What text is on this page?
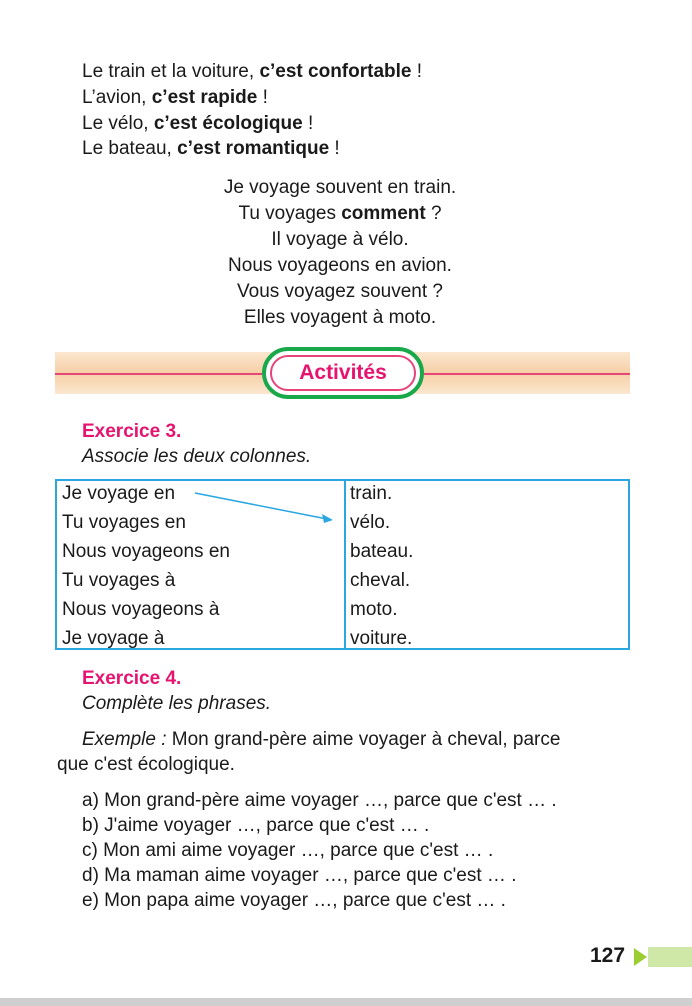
Le train et la voiture, c’est confortable !
L’avion, c’est rapide !
Le vélo, c’est écologique !
Le bateau, c’est romantique !
Je voyage souvent en train.
Tu voyages comment ?
Il voyage à vélo.
Nous voyageons en avion.
Vous voyagez souvent ?
Elles voyagent à moto.
Activités
Exercice 3.
Associe les deux colonnes.
Je voyage en
Tu voyages en
Nous voyageons en
Tu voyages à
Nous voyageons à
Je voyage à
train.
vélo.
bateau.
cheval.
moto.
voiture.
Exercice 4.
Complète les phrases.
Exemple : Mon grand-père aime voyager à cheval, parce
que c'est écologique.
a) Mon grand-père aime voyager …, parce que c'est … .
b) J'aime voyager …, parce que c'est … .
c) Mon ami aime voyager …, parce que c'est … .
d) Ma maman aime voyager …, parce que c'est … .
e) Mon papa aime voyager …, parce que c'est … .
127
